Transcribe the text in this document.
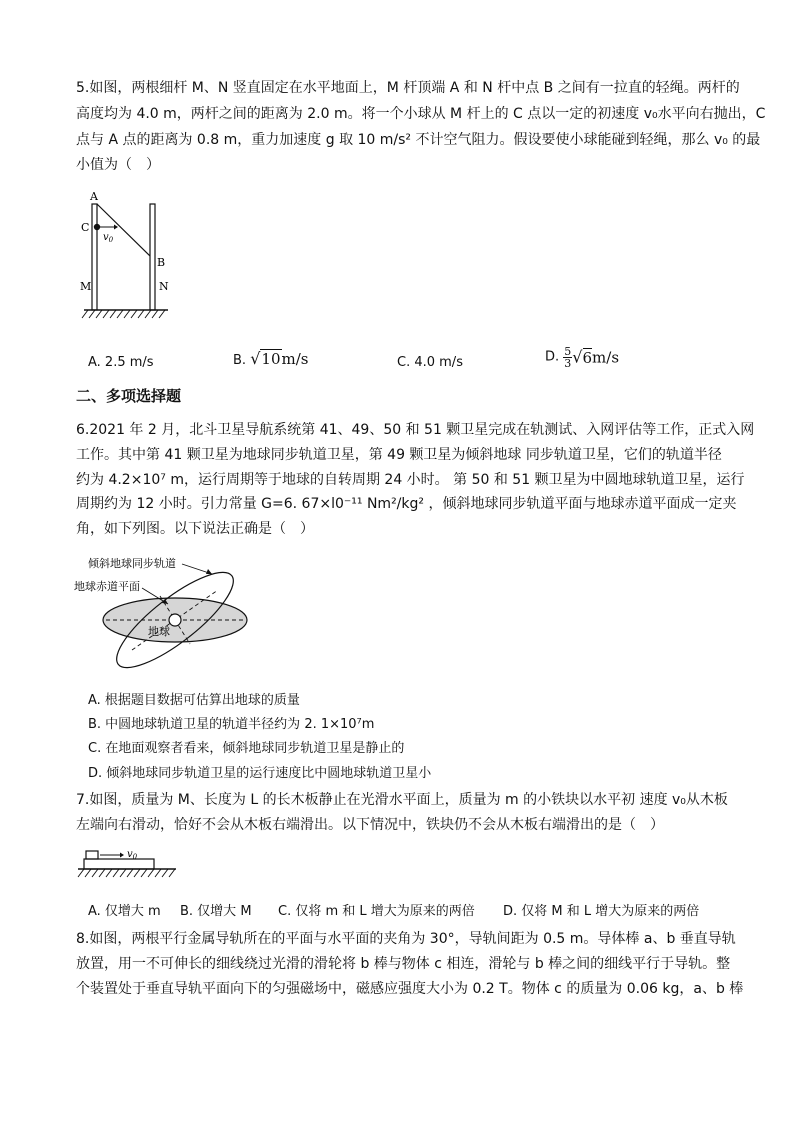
5.如图，两根细杆 M、N 竖直固定在水平地面上，M 杆顶端 A 和 N 杆中点 B 之间有一拉直的轻绳。两杆的
高度均为 4.0 m，两杆之间的距离为 2.0 m。将一个小球从 M 杆上的 C 点以一定的初速度 v₀水平向右抛出，C
点与 A 点的距离为 0.8 m，重力加速度 g 取 10 m/s² 不计空气阻力。假设要使小球能碰到轻绳，那么 v₀ 的最
小值为（　）
A
C
$v_0$
B
M	N
A. 2.5 m/s	B. √10m/s	C. 4.0 m/s	D. $\frac{5}{3} √6m/s$
二、多项选择题
6.2021 年 2 月，北斗卫星导航系统第 41、49、50 和 51 颗卫星完成在轨测试、入网评估等工作，正式入网
工作。其中第 41 颗卫星为地球同步轨道卫星，第 49 颗卫星为倾斜地球 同步轨道卫星，它们的轨道半径
约为 4.2×10⁷ m，运行周期等于地球的自转周期 24 小时。 第 50 和 51 颗卫星为中圆地球轨道卫星，运行
周期约为 12 小时。引力常量 G=6. 67×l0⁻¹¹ Nm²/kg² ，倾斜地球同步轨道平面与地球赤道平面成一定夹
角，如下列图。以下说法正确是（　）
倾斜地球同步轨道
地球赤道平面
地球
A. 根据题目数据可估算出地球的质量
B. 中圆地球轨道卫星的轨道半径约为 2. 1×10⁷m
C. 在地面观察者看来，倾斜地球同步轨道卫星是静止的
D. 倾斜地球同步轨道卫星的运行速度比中圆地球轨道卫星小
7.如图，质量为 M、长度为 L 的长木板静止在光滑水平面上，质量为 m 的小铁块以水平初 速度 v₀从木板
左端向右滑动，恰好不会从木板右端滑出。以下情况中，铁块仍不会从木板右端滑出的是（　）
$v_0$
A. 仅增大 m B. 仅增大 M C. 仅将 m 和 L 增大为原来的两倍 D. 仅将 M 和 L 增大为原来的两倍
8.如图，两根平行金属导轨所在的平面与水平面的夹角为 30°，导轨间距为 0.5 m。导体棒 a、b 垂直导轨
放置，用一不可伸长的细线绕过光滑的滑轮将 b 棒与物体 c 相连，滑轮与 b 棒之间的细线平行于导轨。整
个装置处于垂直导轨平面向下的匀强磁场中，磁感应强度大小为 0.2 T。物体 c 的质量为 0.06 kg，a、b 棒
